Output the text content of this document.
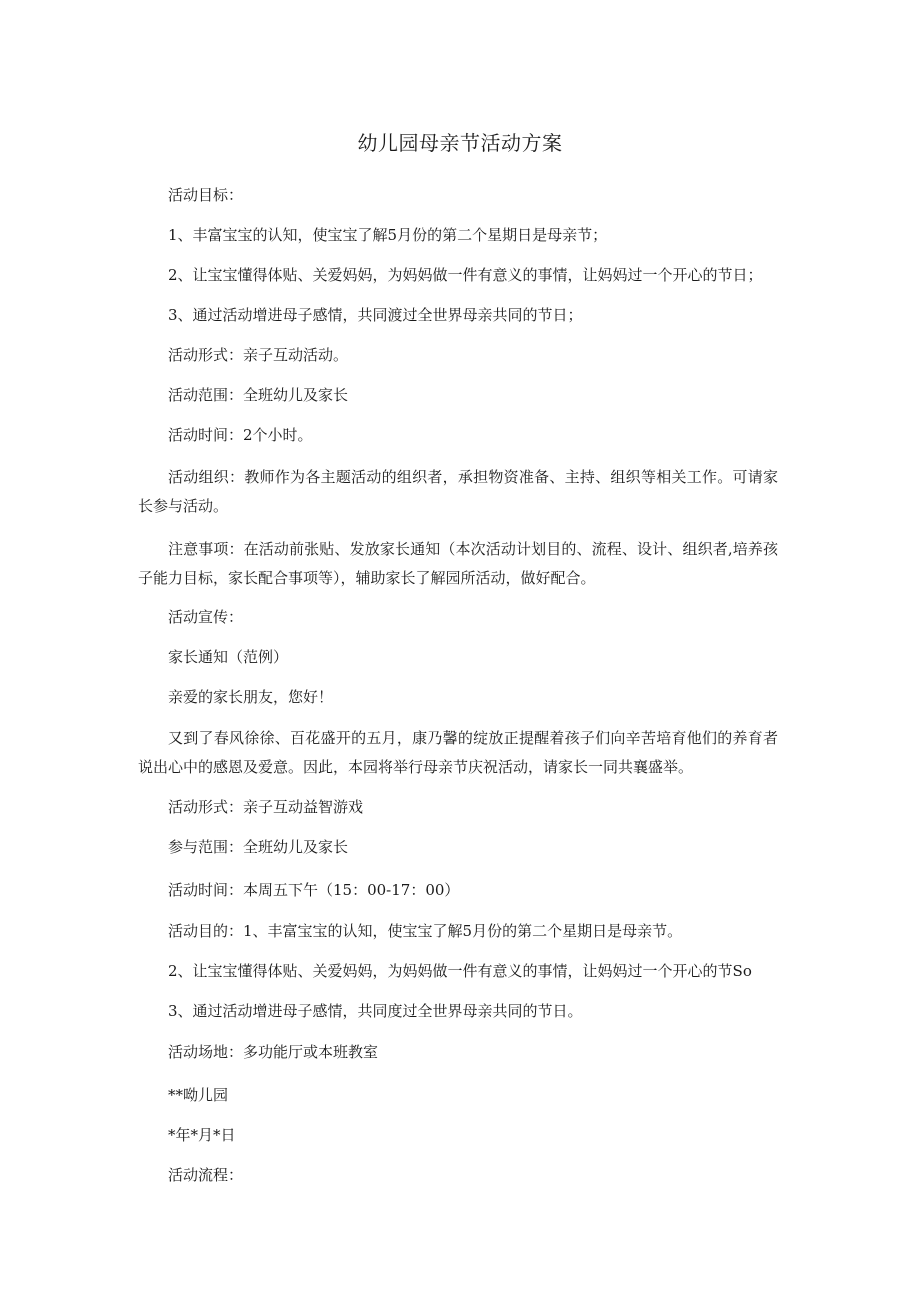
幼儿园母亲节活动方案
活动目标：
1、丰富宝宝的认知，使宝宝了解5月份的第二个星期日是母亲节；
2、让宝宝懂得体贴、关爱妈妈，为妈妈做一件有意义的事情，让妈妈过一个开心的节日；
3、通过活动增进母子感情，共同渡过全世界母亲共同的节日；
活动形式：亲子互动活动。
活动范围：全班幼儿及家长
活动时间：2个小时。
活动组织：教师作为各主题活动的组织者，承担物资准备、主持、组织等相关工作。可请家长参与活动。
注意事项：在活动前张贴、发放家长通知（本次活动计划目的、流程、设计、组织者,培养孩子能力目标，家长配合事项等），辅助家长了解园所活动，做好配合。
活动宣传：
家长通知（范例）
亲爱的家长朋友，您好！
又到了春风徐徐、百花盛开的五月，康乃馨的绽放正提醒着孩子们向辛苦培育他们的养育者说出心中的感恩及爱意。因此，本园将举行母亲节庆祝活动，请家长一同共襄盛举。
活动形式：亲子互动益智游戏
参与范围：全班幼儿及家长
活动时间：本周五下午（15：00-17：00）
活动目的：1、丰富宝宝的认知，使宝宝了解5月份的第二个星期日是母亲节。
2、让宝宝懂得体贴、关爱妈妈，为妈妈做一件有意义的事情，让妈妈过一个开心的节So
3、通过活动增进母子感情，共同度过全世界母亲共同的节日。
活动场地：多功能厅或本班教室
**呦儿园
*年*月*日
活动流程：
